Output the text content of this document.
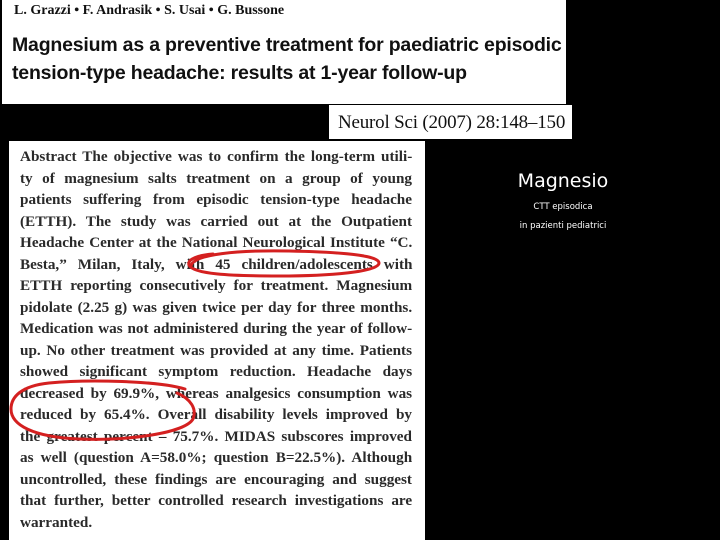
L. Grazzi • F. Andrasik • S. Usai • G. Bussone
Magnesium as a preventive treatment for paediatric episodic
tension-type headache: results at 1-year follow-up
Neurol Sci (2007) 28:148–150
Abstract The objective was to confirm the long-term utili-
ty of magnesium salts treatment on a group of young
patients suffering from episodic tension-type headache
(ETTH). The study was carried out at the Outpatient
Headache Center at the National Neurological Institute “C.
Besta,” Milan, Italy, with 45 children/adolescents with
ETTH reporting consecutively for treatment. Magnesium
pidolate (2.25 g) was given twice per day for three months.
Medication was not administered during the year of follow-
up. No other treatment was provided at any time. Patients
showed significant symptom reduction. Headache days
decreased by 69.9%, whereas analgesics consumption was
reduced by 65.4%. Overall disability levels improved by
the greatest percent – 75.7%. MIDAS subscores improved
as well (question A=58.0%; question B=22.5%). Although
uncontrolled, these findings are encouraging and suggest
that further, better controlled research investigations are
warranted.
Magnesio
CTT episodica
in pazienti pediatrici
